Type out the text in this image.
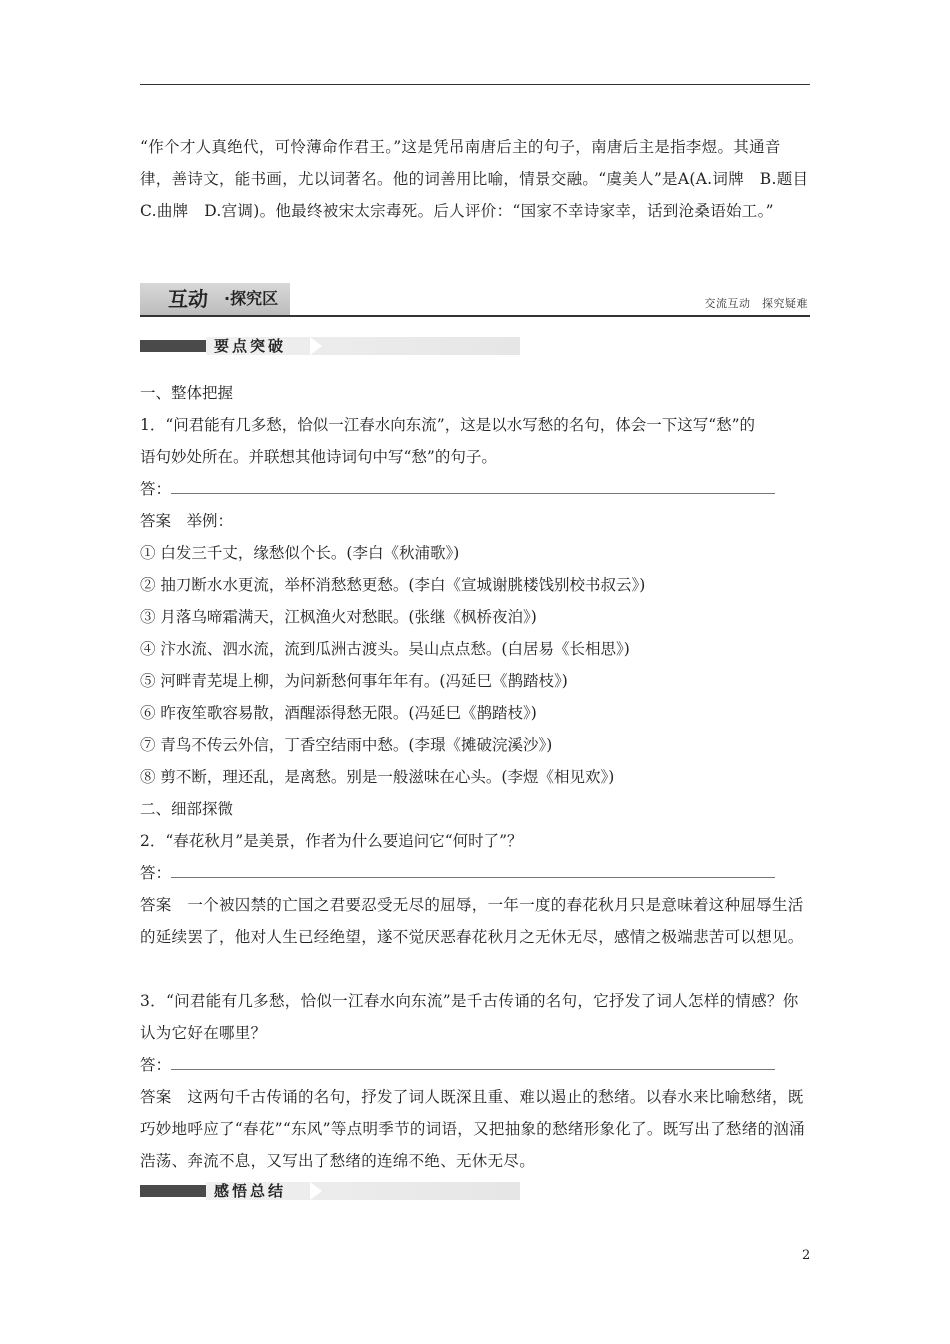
“作个才人真绝代，可怜薄命作君王。”这是凭吊南唐后主的句子，南唐后主是指李煜。其通音律，善诗文，能书画，尤以词著名。他的词善用比喻，情景交融。“虞美人”是A(A.词牌　B.题目　C.曲牌　D.宫调)。他最终被宋太宗毒死。后人评价：“国家不幸诗家幸，话到沧桑语始工。”
互动 ·探究区	交流互动　探究疑难
要点突破
一、整体把握
1．“问君能有几多愁，恰似一江春水向东流”，这是以水写愁的名句，体会一下这写“愁”的
语句妙处所在。并联想其他诗词句中写“愁”的句子。
答：
答案　举例：
① 白发三千丈，缘愁似个长。(李白《秋浦歌》)
② 抽刀断水水更流，举杯消愁愁更愁。(李白《宣城谢朓楼饯别校书叔云》)
③ 月落乌啼霜满天，江枫渔火对愁眠。(张继《枫桥夜泊》)
④ 汴水流、泗水流，流到瓜洲古渡头。吴山点点愁。(白居易《长相思》)
⑤ 河畔青芜堤上柳，为问新愁何事年年有。(冯延巳《鹊踏枝》)
⑥ 昨夜笙歌容易散，酒醒添得愁无限。(冯延巳《鹊踏枝》)
⑦ 青鸟不传云外信，丁香空结雨中愁。(李璟《摊破浣溪沙》)
⑧ 剪不断，理还乱，是离愁。别是一般滋味在心头。(李煜《相见欢》)
二、细部探微
2．“春花秋月”是美景，作者为什么要追问它“何时了”？
答：
答案　一个被囚禁的亡国之君要忍受无尽的屈辱，一年一度的春花秋月只是意味着这种屈辱生活的延续罢了，他对人生已经绝望，遂不觉厌恶春花秋月之无休无尽，感情之极端悲苦可以想见。
3．“问君能有几多愁，恰似一江春水向东流”是千古传诵的名句，它抒发了词人怎样的情感？你认为它好在哪里？
答：
答案　这两句千古传诵的名句，抒发了词人既深且重、难以遏止的愁绪。以春水来比喻愁绪，既巧妙地呼应了“春花”“东风”等点明季节的词语，又把抽象的愁绪形象化了。既写出了愁绪的汹涌浩荡、奔流不息，又写出了愁绪的连绵不绝、无休无尽。
感悟总结
2
